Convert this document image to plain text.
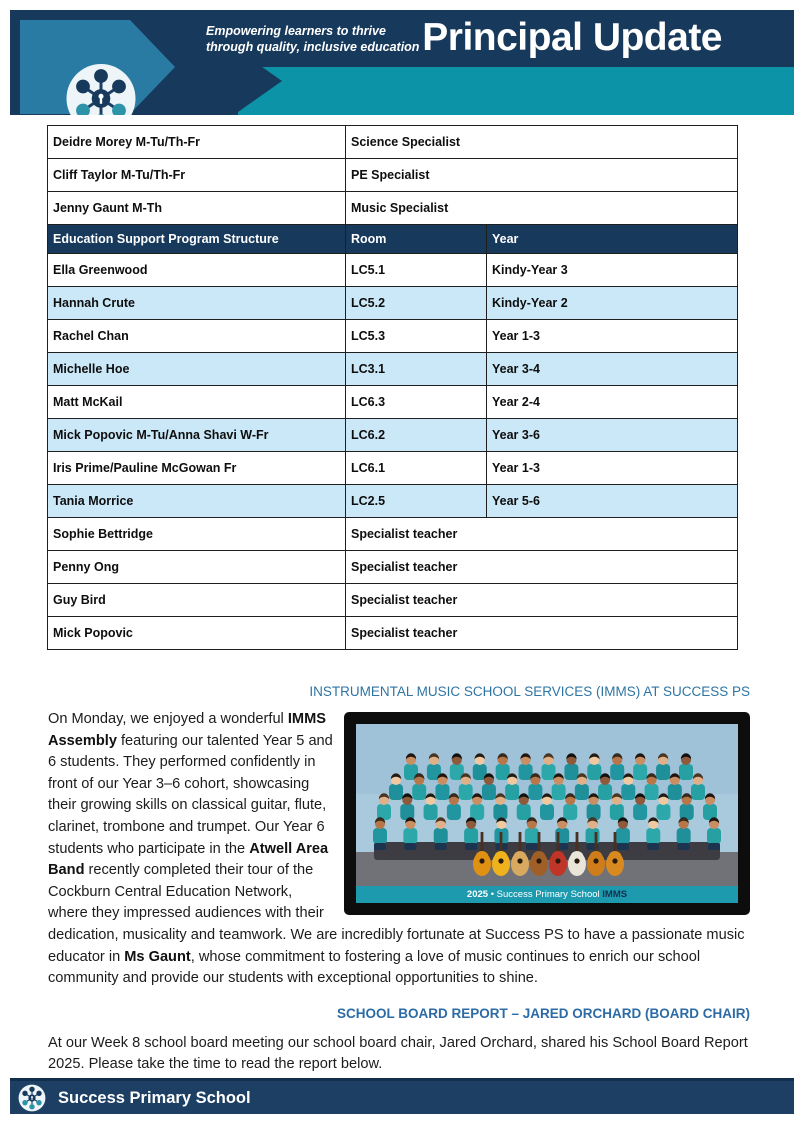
Empowering learners to thrive
through quality, inclusive education Principal Update
Deidre Morey M-Tu/Th-Fr	Science Specialist	
Cliff Taylor M-Tu/Th-Fr	PE Specialist	
Jenny Gaunt M-Th	Music Specialist	
Education Support Program Structure	Room	Year
Ella Greenwood	LC5.1	Kindy-Year 3
Hannah Crute	LC5.2	Kindy-Year 2
Rachel Chan	LC5.3	Year 1-3
Michelle Hoe	LC3.1	Year 3-4
Matt McKail	LC6.3	Year 2-4
Mick Popovic M-Tu/Anna Shavi W-Fr	LC6.2	Year 3-6
Iris Prime/Pauline McGowan Fr	LC6.1	Year 1-3
Tania Morrice	LC2.5	Year 5-6
Sophie Bettridge	Specialist teacher	
Penny Ong	Specialist teacher	
Guy Bird	Specialist teacher	
Mick Popovic	Specialist teacher	
INSTRUMENTAL MUSIC SCHOOL SERVICES (IMMS) AT SUCCESS PS
2025 • Success Primary School IMMS

On Monday, we enjoyed a wonderful IMMS Assembly featuring our talented Year 5 and 6 students. They performed confidently in front of our Year 3–6 cohort, showcasing their growing skills on classical guitar, flute, clarinet, trombone and trumpet. Our Year 6 students who participate in the Atwell Area Band recently completed their tour of the Cockburn Central Education Network, where they impressed audiences with their dedication, musicality and teamwork. We are incredibly fortunate at Success PS to have a passionate music educator in Ms Gaunt, whose commitment to fostering a love of music continues to enrich our school community and provide our students with exceptional opportunities to shine.

SCHOOL BOARD REPORT – JARED ORCHARD (BOARD CHAIR)

At our Week 8 school board meeting our school board chair, Jared Orchard, shared his School Board Report 2025. Please take the time to read the report below.

Success Primary School
